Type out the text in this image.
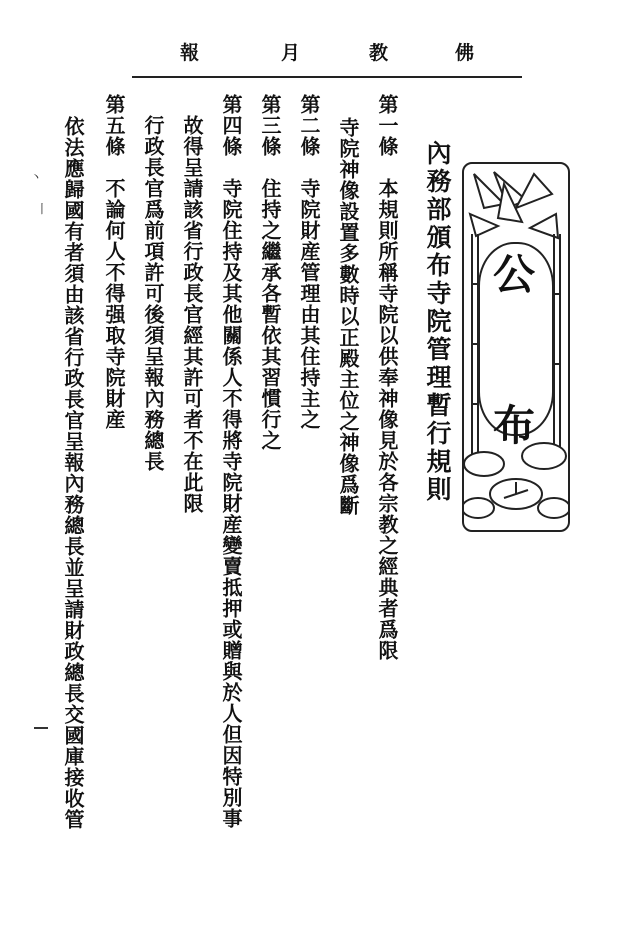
報	月	教	佛
公 布
內務部頒布寺院管理暫行規則
第一條　本規則所稱寺院以供奉神像見於各宗教之經典者爲限
　寺院神像設置多數時以正殿主位之神像爲斷
第二條　寺院財産管理由其住持主之
第三條　住持之繼承各暫依其習慣行之
第四條　寺院住持及其他關係人不得將寺院財産變賣抵押或贈與於人但因特別事
　故得呈請該省行政長官經其許可者不在此限
　行政長官爲前項許可後須呈報內務總長
第五條　不論何人不得强取寺院財産
依法應歸國有者須由該省行政長官呈報內務總長並呈請財政總長交國庫接收管
丶
丨
